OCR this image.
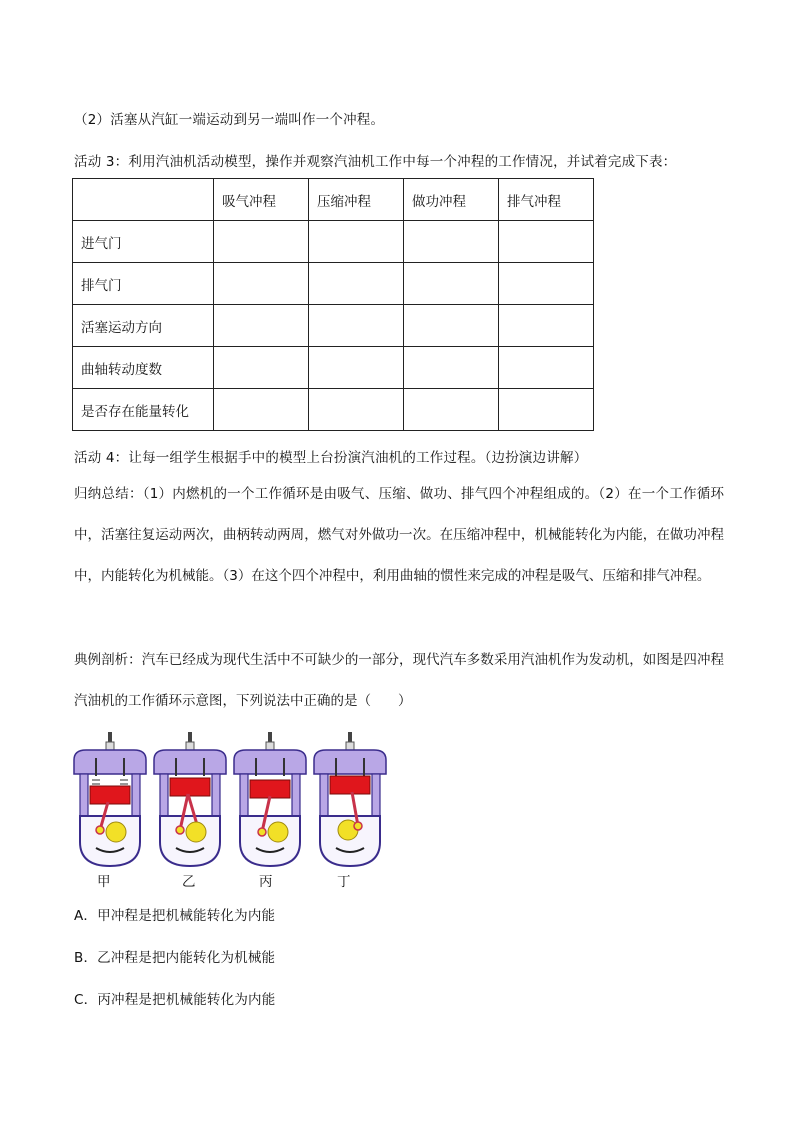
（2）活塞从汽缸一端运动到另一端叫作一个冲程。
活动 3：利用汽油机活动模型，操作并观察汽油机工作中每一个冲程的工作情况，并试着完成下表：
	吸气冲程	压缩冲程	做功冲程	排气冲程
进气门				
排气门				
活塞运动方向				
曲轴转动度数				
是否存在能量转化				
活动 4：让每一组学生根据手中的模型上台扮演汽油机的工作过程。（边扮演边讲解）
归纳总结：（1）内燃机的一个工作循环是由吸气、压缩、做功、排气四个冲程组成的。（2）在一个工作循环中，活塞往复运动两次，曲柄转动两周，燃气对外做功一次。在压缩冲程中，机械能转化为内能，在做功冲程中，内能转化为机械能。（3）在这个四个冲程中，利用曲轴的惯性来完成的冲程是吸气、压缩和排气冲程。
典例剖析：汽车已经成为现代生活中不可缺少的一部分，现代汽车多数采用汽油机作为发动机，如图是四冲程汽油机的工作循环示意图，下列说法中正确的是（　　）
甲	乙	丙	丁
A．甲冲程是把机械能转化为内能
B．乙冲程是把内能转化为机械能
C．丙冲程是把机械能转化为内能
